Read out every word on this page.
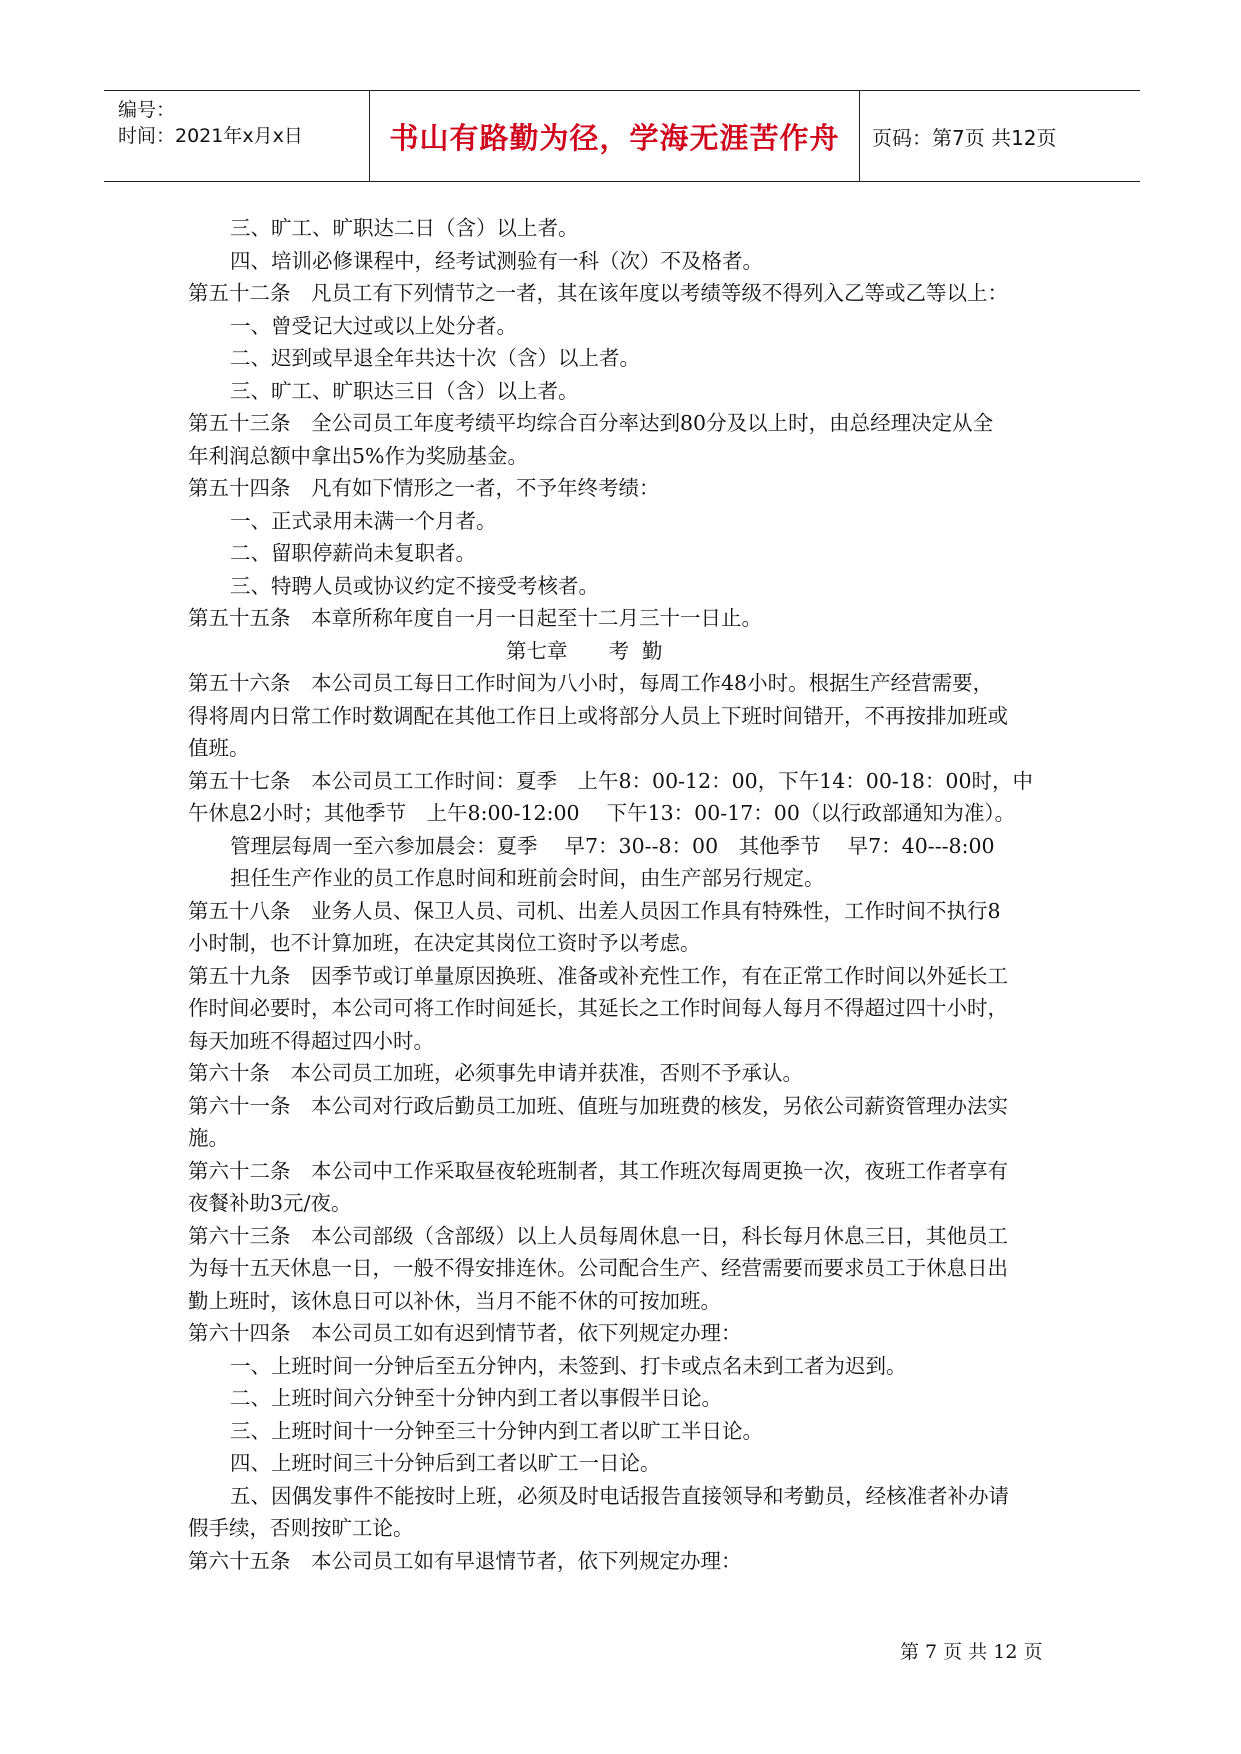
编号：
时间：2021年x月x日	书山有路勤为径，学海无涯苦作舟	页码：第7页 共12页

三、旷工、旷职达二日（含）以上者。

四、培训必修课程中，经考试测验有一科（次）不及格者。

第五十二条　凡员工有下列情节之一者，其在该年度以考绩等级不得列入乙等或乙等以上：

一、曾受记大过或以上处分者。

二、迟到或早退全年共达十次（含）以上者。

三、旷工、旷职达三日（含）以上者。

第五十三条　全公司员工年度考绩平均综合百分率达到80分及以上时，由总经理决定从全

年利润总额中拿出5%作为奖励基金。

第五十四条　凡有如下情形之一者，不予年终考绩：

一、正式录用未满一个月者。

二、留职停薪尚未复职者。

三、特聘人员或协议约定不接受考核者。

第五十五条　本章所称年度自一月一日起至十二月三十一日止。

第七章　　考  勤

第五十六条　本公司员工每日工作时间为八小时，每周工作48小时。根据生产经营需要，

得将周内日常工作时数调配在其他工作日上或将部分人员上下班时间错开，不再按排加班或

值班。

第五十七条　本公司员工工作时间：夏季　上午8：00-12：00，下午14：00-18：00时，中

午休息2小时；其他季节　上午8:00-12:00　 下午13：00-17：00（以行政部通知为准）。

管理层每周一至六参加晨会：夏季　 早7：30--8：00　其他季节　 早7：40---8:00

担任生产作业的员工作息时间和班前会时间，由生产部另行规定。

第五十八条　业务人员、保卫人员、司机、出差人员因工作具有特殊性，工作时间不执行8

小时制，也不计算加班，在决定其岗位工资时予以考虑。

第五十九条　因季节或订单量原因换班、准备或补充性工作，有在正常工作时间以外延长工

作时间必要时，本公司可将工作时间延长，其延长之工作时间每人每月不得超过四十小时，

每天加班不得超过四小时。

第六十条　本公司员工加班，必须事先申请并获准，否则不予承认。

第六十一条　本公司对行政后勤员工加班、值班与加班费的核发，另依公司薪资管理办法实

施。

第六十二条　本公司中工作采取昼夜轮班制者，其工作班次每周更换一次，夜班工作者享有

夜餐补助3元/夜。

第六十三条　本公司部级（含部级）以上人员每周休息一日，科长每月休息三日，其他员工

为每十五天休息一日，一般不得安排连休。公司配合生产、经营需要而要求员工于休息日出

勤上班时，该休息日可以补休，当月不能不休的可按加班。

第六十四条　本公司员工如有迟到情节者，依下列规定办理：

一、上班时间一分钟后至五分钟内，未签到、打卡或点名未到工者为迟到。

二、上班时间六分钟至十分钟内到工者以事假半日论。

三、上班时间十一分钟至三十分钟内到工者以旷工半日论。

四、上班时间三十分钟后到工者以旷工一日论。

五、因偶发事件不能按时上班，必须及时电话报告直接领导和考勤员，经核准者补办请

假手续，否则按旷工论。

第六十五条　本公司员工如有早退情节者，依下列规定办理：

第 7 页 共 12 页
